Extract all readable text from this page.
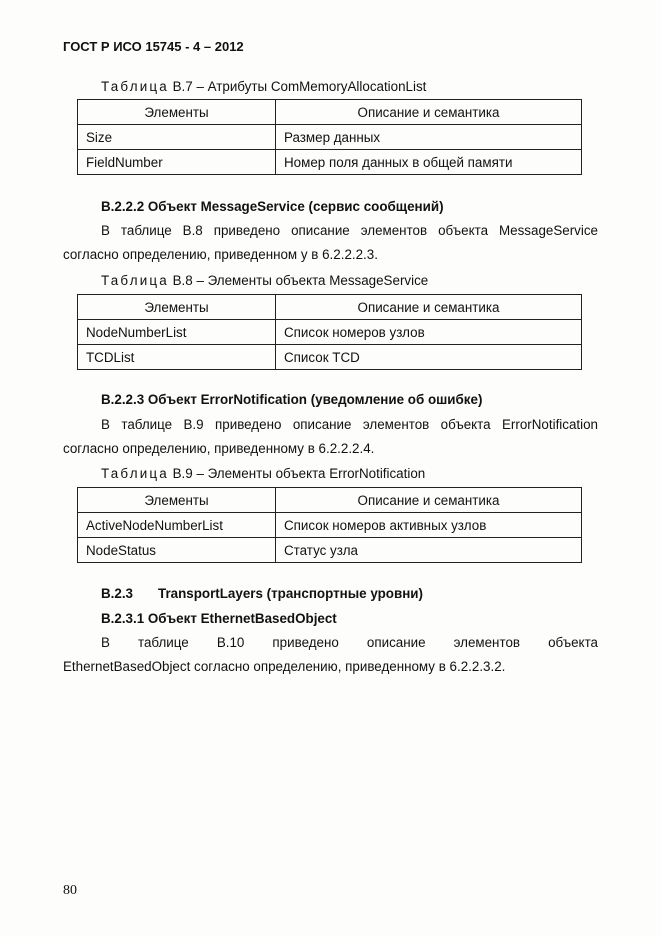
ГОСТ Р ИСО 15745 - 4 – 2012
Таблица B.7 – Атрибуты ComMemoryAllocationList
Элементы	Описание и семантика
Size	Размер данных
FieldNumber	Номер поля данных в общей памяти
B.2.2.2 Объект MessageService (сервис сообщений)
В таблице B.8 приведено описание элементов объекта MessageService
согласно определению, приведенном у в 6.2.2.2.3.
Таблица B.8 – Элементы объекта MessageService
Элементы	Описание и семантика
NodeNumberList	Список номеров узлов
TCDList	Список TCD
B.2.2.3 Объект ErrorNotification (уведомление об ошибке)
В таблице B.9 приведено описание элементов объекта ErrorNotification
согласно определению, приведенному в 6.2.2.2.4.
Таблица B.9 – Элементы объекта ErrorNotification
Элементы	Описание и семантика
ActiveNodeNumberList	Список номеров активных узлов
NodeStatus	Статус узла
B.2.3 TransportLayers (транспортные уровни)
B.2.3.1 Объект EthernetBasedObject
В таблице B.10 приведено описание элементов объекта
EthernetBasedObject согласно определению, приведенному в 6.2.2.3.2.
80
